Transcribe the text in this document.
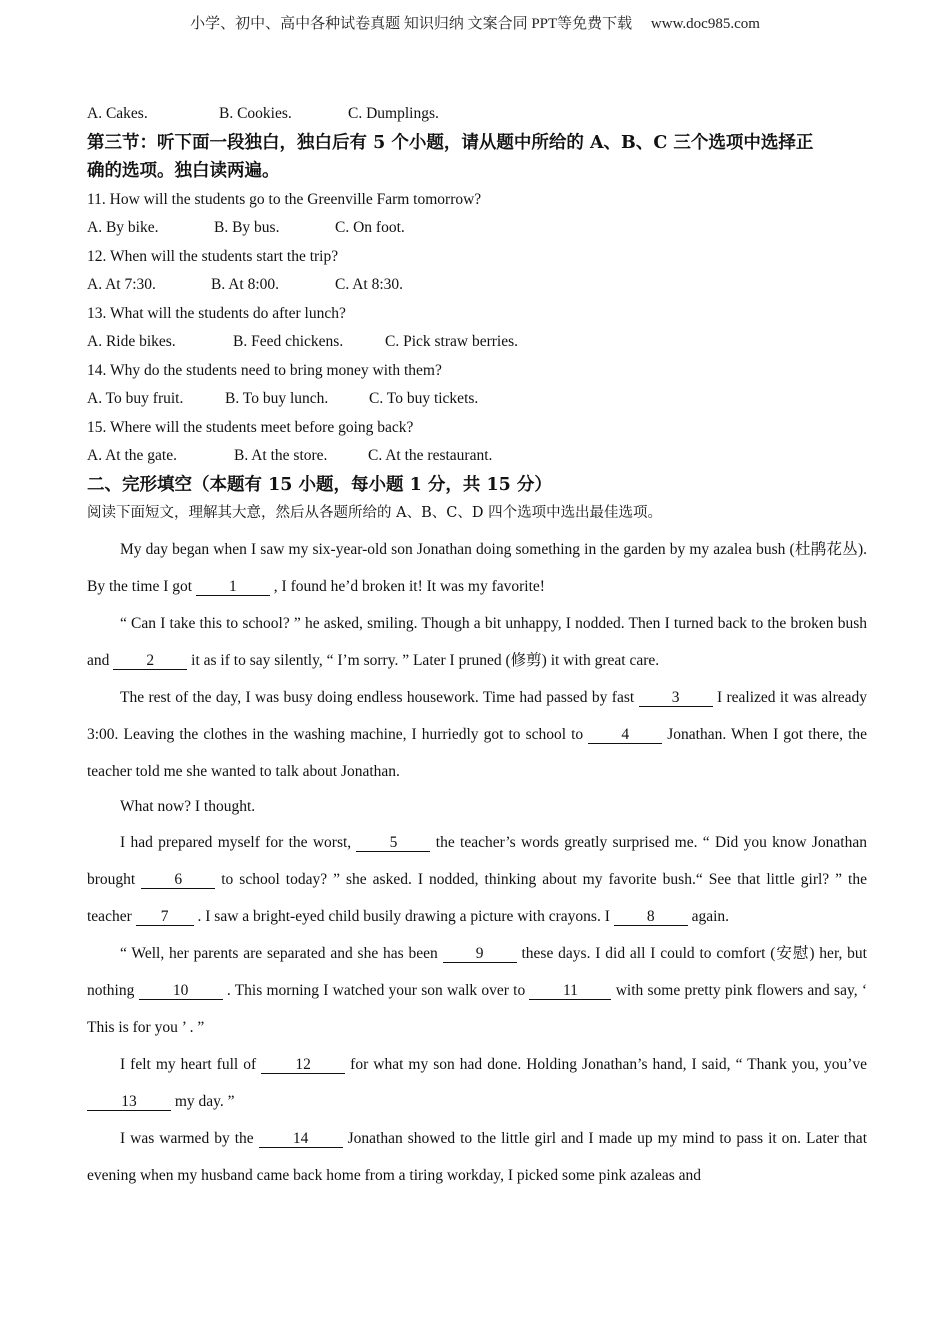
小学、初中、高中各种试卷真题 知识归纳 文案合同 PPT等免费下载     www.doc985.com
A. Cakes.	B. Cookies.	C. Dumplings.
第三节：听下面一段独白，独白后有 5 个小题，请从题中所给的 A、B、C 三个选项中选择正
确的选项。独白读两遍。
11. How will the students go to the Greenville Farm tomorrow?
A. By bike.	B. By bus.	C. On foot.
12. When will the students start the trip?
A. At 7:30.	B. At 8:00.	C. At 8:30.
13. What will the students do after lunch?
A. Ride bikes.	B. Feed chickens.	C. Pick straw berries.
14. Why do the students need to bring money with them?
A. To buy fruit.	B. To buy lunch.	C. To buy tickets.
15. Where will the students meet before going back?
A. At the gate.	B. At the store.	C. At the restaurant.
二、完形填空（本题有 15 小题，每小题 1 分，共 15 分）
阅读下面短文，理解其大意，然后从各题所给的 A、B、C、D 四个选项中选出最佳选项。

My day began when I saw my six-year-old son Jonathan doing something in the garden by my azalea bush (杜鹃花丛). By the time I got 1 , I found he’d broken it! It was my favorite!

“ Can I take this to school? ” he asked, smiling. Though a bit unhappy, I nodded. Then I turned back to the broken bush and 2 it as if to say silently, “ I’m sorry. ” Later I pruned (修剪) it with great care.

The rest of the day, I was busy doing endless housework. Time had passed by fast 3 I realized it was already 3:00. Leaving the clothes in the washing machine, I hurriedly got to school to 4 Jonathan. When I got there, the teacher told me she wanted to talk about Jonathan.

What now? I thought.

I had prepared myself for the worst, 5 the teacher’s words greatly surprised me. “ Did you know Jonathan brought 6 to school today? ” she asked. I nodded, thinking about my favorite bush.“ See that little girl? ” the teacher 7 . I saw a bright-eyed child busily drawing a picture with crayons. I 8 again.

“ Well, her parents are separated and she has been 9 these days. I did all I could to comfort (安慰) her, but nothing 10 . This morning I watched your son walk over to 11 with some pretty pink flowers and say, ‘ This is for you ’ . ”

I felt my heart full of 12 for what my son had done. Holding Jonathan’s hand, I said, “ Thank you, you’ve 13 my day. ”

I was warmed by the 14 Jonathan showed to the little girl and I made up my mind to pass it on. Later that evening when my husband came back home from a tiring workday, I picked some pink azaleas and
